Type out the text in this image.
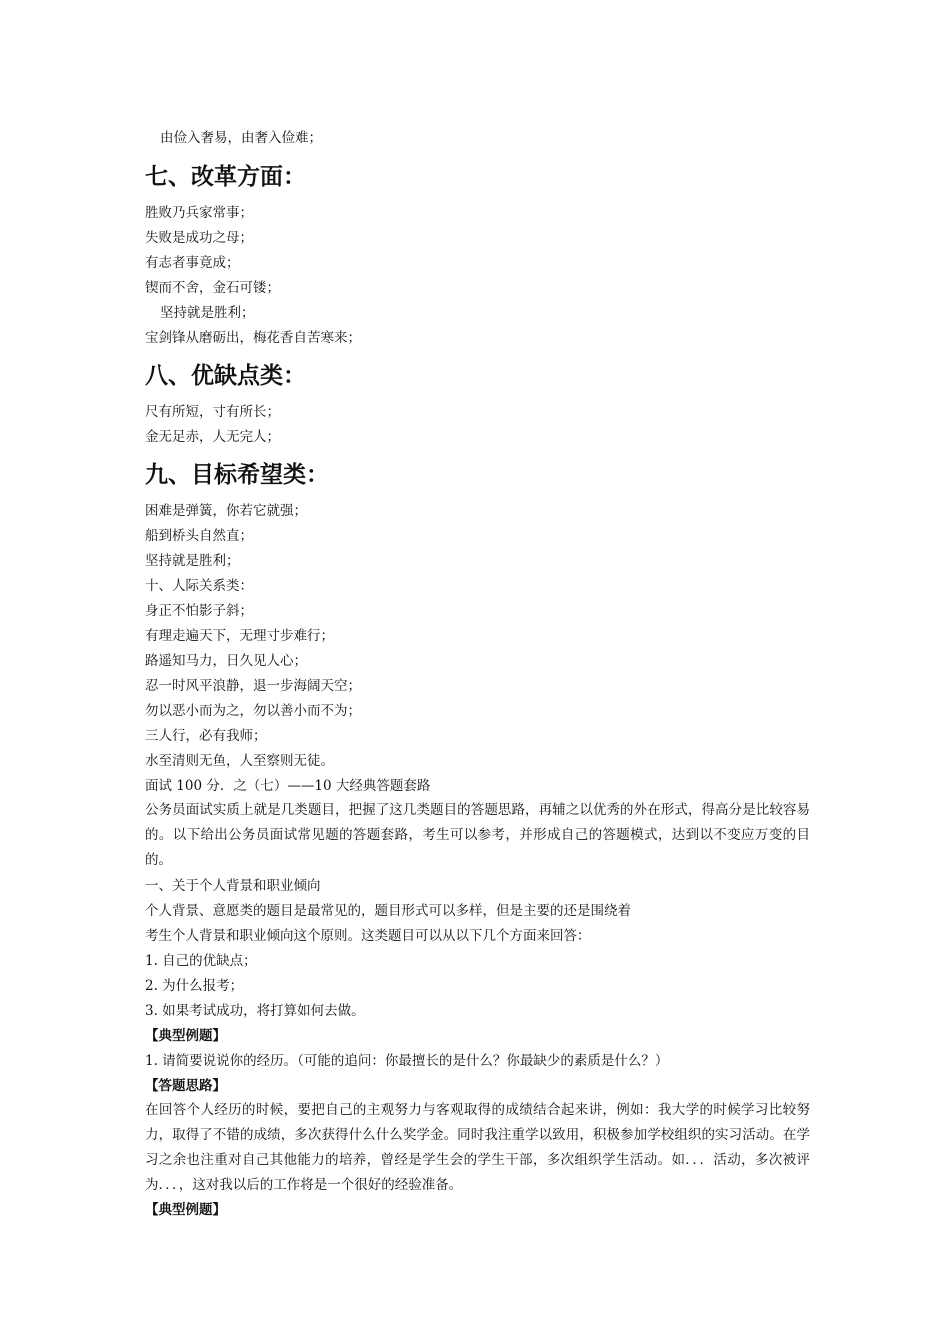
由俭入奢易，由奢入俭难；
七、改革方面：
胜败乃兵家常事；
失败是成功之母；
有志者事竟成；
锲而不舍，金石可镂；
坚持就是胜利；
宝剑锋从磨砺出，梅花香自苦寒来；
八、优缺点类：
尺有所短，寸有所长；
金无足赤，人无完人；
九、目标希望类：
困难是弹簧，你若它就强；
船到桥头自然直；
坚持就是胜利；
十、人际关系类：
身正不怕影子斜；
有理走遍天下，无理寸步难行；
路遥知马力，日久见人心；
忍一时风平浪静，退一步海阔天空；
勿以恶小而为之，勿以善小而不为；
三人行，必有我师；
水至清则无鱼，人至察则无徒。
面试 100 分．之（七）——10 大经典答题套路
公务员面试实质上就是几类题目，把握了这几类题目的答题思路，再辅之以优秀的外在形式，得高分是比较容易的。以下给出公务员面试常见题的答题套路，考生可以参考，并形成自己的答题模式，达到以不变应万变的目的。
一、关于个人背景和职业倾向
个人背景、意愿类的题目是最常见的，题目形式可以多样，但是主要的还是围绕着
考生个人背景和职业倾向这个原则。这类题目可以从以下几个方面来回答：
1. 自己的优缺点；
2. 为什么报考；
3. 如果考试成功，将打算如何去做。
【典型例题】
1. 请简要说说你的经历。（可能的追问：你最擅长的是什么？你最缺少的素质是什么？）
【答题思路】
在回答个人经历的时候，要把自己的主观努力与客观取得的成绩结合起来讲，例如：我大学的时候学习比较努力，取得了不错的成绩，多次获得什么什么奖学金。同时我注重学以致用，积极参加学校组织的实习活动。在学习之余也注重对自己其他能力的培养，曾经是学生会的学生干部，多次组织学生活动。如．．．活动，多次被评为．．．，这对我以后的工作将是一个很好的经验准备。
【典型例题】
